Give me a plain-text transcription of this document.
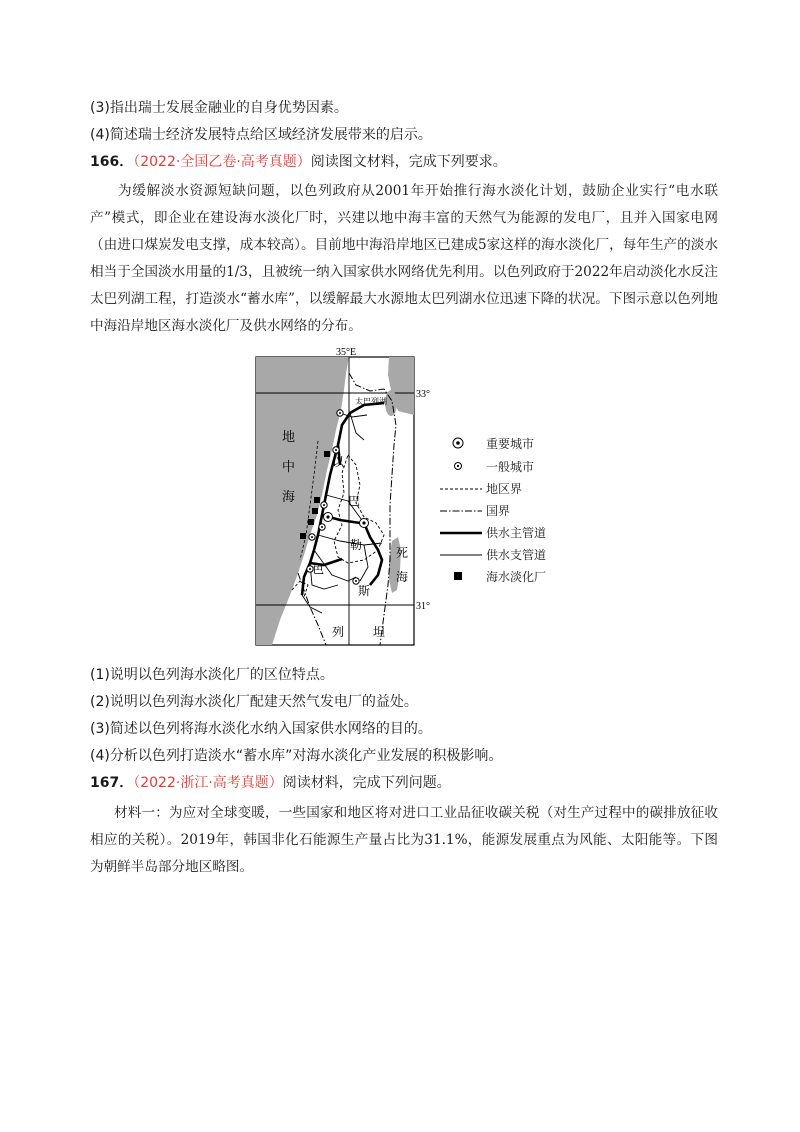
(3)指出瑞士发展金融业的自身优势因素。
(4)简述瑞士经济发展特点给区域经济发展带来的启示。
166．（2022·全国乙卷·高考真题）阅读图文材料，完成下列要求。
为缓解淡水资源短缺问题，以色列政府从2001年开始推行海水淡化计划，鼓励企业实行“电水联产”模式，即企业在建设海水淡化厂时，兴建以地中海丰富的天然气为能源的发电厂，且并入国家电网（由进口煤炭发电支撑，成本较高）。目前地中海沿岸地区已建成5家这样的海水淡化厂，每年生产的淡水相当于全国淡水用量的1/3，且被统一纳入国家供水网络优先利用。以色列政府于2022年启动淡化水反注太巴列湖工程，打造淡水“蓄水库”，以缓解最大水源地太巴列湖水位迅速下降的状况。下图示意以色列地中海沿岸地区海水淡化厂及供水网络的分布。
35°E
33°
31°
太巴列湖
地
中
海
死
海
以
巴
勒
色
斯
列 坦
重要城市
一般城市
地区界
国界
供水主管道
供水支管道
海水淡化厂
(1)说明以色列海水淡化厂的区位特点。
(2)说明以色列海水淡化厂配建天然气发电厂的益处。
(3)简述以色列将海水淡化水纳入国家供水网络的目的。
(4)分析以色列打造淡水“蓄水库”对海水淡化产业发展的积极影响。
167．（2022·浙江·高考真题）阅读材料，完成下列问题。
材料一：为应对全球变暖，一些国家和地区将对进口工业品征收碳关税（对生产过程中的碳排放征收相应的关税）。2019年，韩国非化石能源生产量占比为31.1%，能源发展重点为风能、太阳能等。下图为朝鲜半岛部分地区略图。
